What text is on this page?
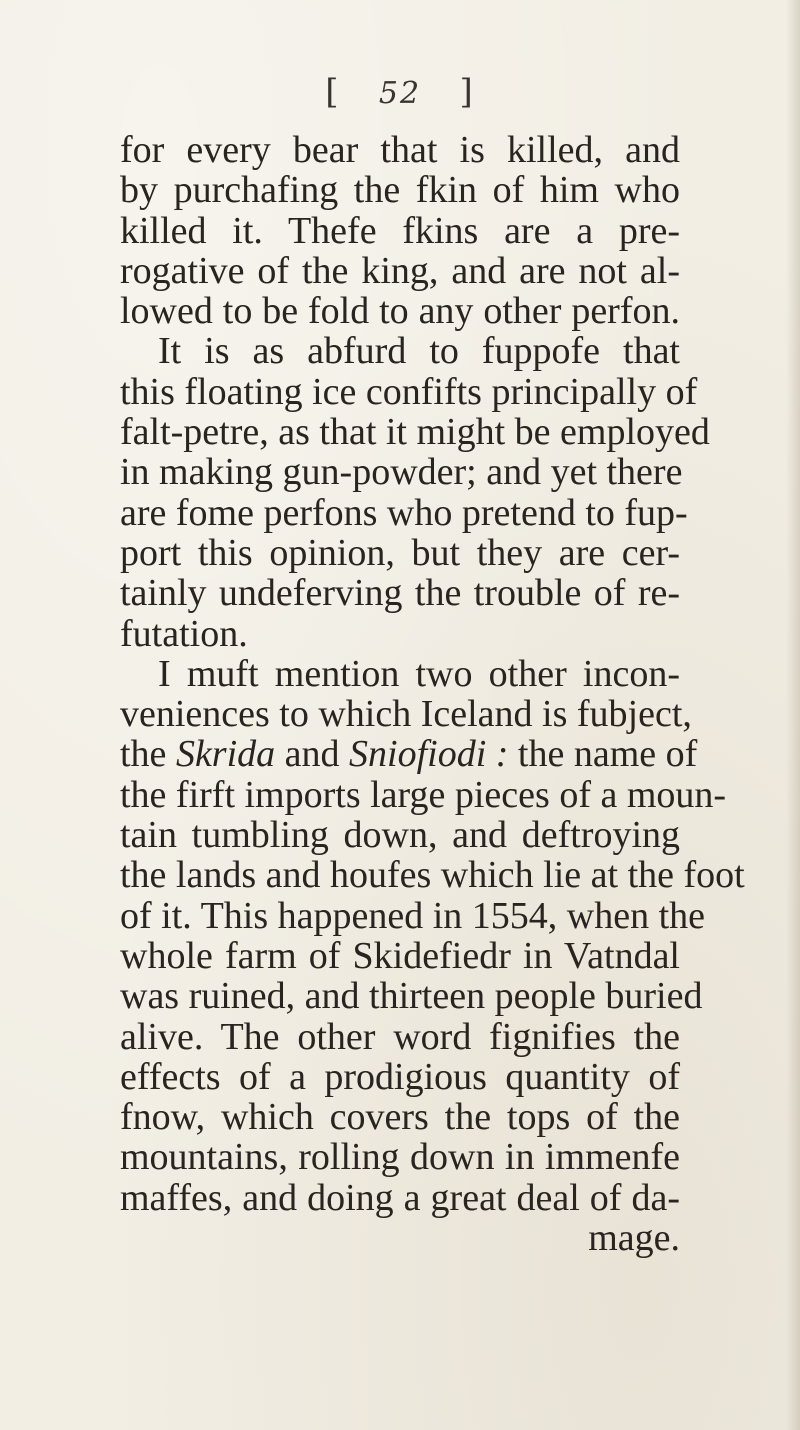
[ 52 ]
for every bear that is killed, and
by purchafing the fkin of him who
killed it. Thefe fkins are a pre-
rogative of the king, and are not al-
lowed to be fold to any other perfon.
It is as abfurd to fuppofe that
this floating ice confifts principally of
falt-petre, as that it might be employed
in making gun-powder; and yet there
are fome perfons who pretend to fup-
port this opinion, but they are cer-
tainly undeferving the trouble of re-
futation.
I muft mention two other incon-
veniences to which Iceland is fubject,
the Skrida and Sniofiodi : the name of
the firft imports large pieces of a moun-
tain tumbling down, and deftroying
the lands and houfes which lie at the foot
of it. This happened in 1554, when the
whole farm of Skidefiedr in Vatndal
was ruined, and thirteen people buried
alive. The other word fignifies the
effects of a prodigious quantity of
fnow, which covers the tops of the
mountains, rolling down in immenfe
maffes, and doing a great deal of da-
mage.
